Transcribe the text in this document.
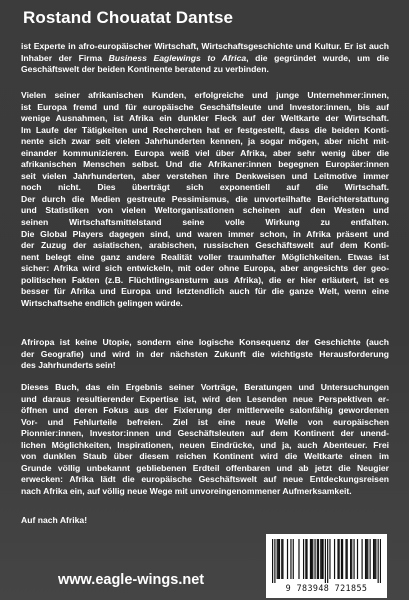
Rostand Chouatat Dantse
ist Experte in afro-europäischer Wirtschaft, Wirtschaftsgeschichte und Kultur. Er ist auch Inhaber der Firma Business Eaglewings to Africa, die gegründet wurde, um die Geschäftswelt der beiden Kontinente beratend zu verbinden.
Vielen seiner afrikanischen Kunden, erfolgreiche und junge Unternehmer:innen,
ist Europa fremd und für europäische Geschäftsleute und Investor:innen, bis auf
wenige Ausnahmen, ist Afrika ein dunkler Fleck auf der Weltkarte der Wirtschaft.
Im Laufe der Tätigkeiten und Recherchen hat er festgestellt, dass die beiden Konti-
nente sich zwar seit vielen Jahrhunderten kennen, ja sogar mögen, aber nicht mit-
einander kommunizieren. Europa weiß viel über Afrika, aber sehr wenig über die
afrikanischen Menschen selbst. Und die Afrikaner:innen begegnen Europäer:innen
seit vielen Jahrhunderten, aber verstehen ihre Denkweisen und Leitmotive immer
noch nicht. Dies überträgt sich exponentiell auf die Wirtschaft.
Der durch die Medien gestreute Pessimismus, die unvorteilhafte Berichterstattung
und Statistiken von vielen Weltorganisationen scheinen auf den Westen und
seinen Wirtschaftsmittelstand seine volle Wirkung zu entfalten.
Die Global Players dagegen sind, und waren immer schon, in Afrika präsent und
der Zuzug der asiatischen, arabischen, russischen Geschäftswelt auf dem Konti-
nent belegt eine ganz andere Realität voller traumhafter Möglichkeiten. Etwas ist
sicher: Afrika wird sich entwickeln, mit oder ohne Europa, aber angesichts der geo-
politischen Fakten (z.B. Flüchtlingsansturm aus Afrika), die er hier erläutert, ist es
besser für Afrika und Europa und letztendlich auch für die ganze Welt, wenn eine
Wirtschaftsehe endlich gelingen würde.
Afriropa ist keine Utopie, sondern eine logische Konsequenz der Geschichte (auch
der Geografie) und wird in der nächsten Zukunft die wichtigste Herausforderung
des Jahrhunderts sein!
Dieses Buch, das ein Ergebnis seiner Vorträge, Beratungen und Untersuchungen
und daraus resultierender Expertise ist, wird den Lesenden neue Perspektiven er-
öffnen und deren Fokus aus der Fixierung der mittlerweile salonfähig gewordenen
Vor- und Fehlurteile befreien. Ziel ist eine neue Welle von europäischen
Pionnier:innen, Investor:innen und Geschäftsleuten auf dem Kontinent der unend-
lichen Möglichkeiten, Inspirationen, neuen Eindrücke, und ja, auch Abenteuer. Frei
von dunklen Staub über diesem reichen Kontinent wird die Weltkarte einen im
Grunde völlig unbekannt gebliebenen Erdteil offenbaren und ab jetzt die Neugier
erwecken: Afrika lädt die europäische Geschäftswelt auf neue Entdeckungsreisen
nach Afrika ein, auf völlig neue Wege mit unvoreingenommener Aufmerksamkeit.
Auf nach Afrika!
www.eagle-wings.net	9 783948 721855
